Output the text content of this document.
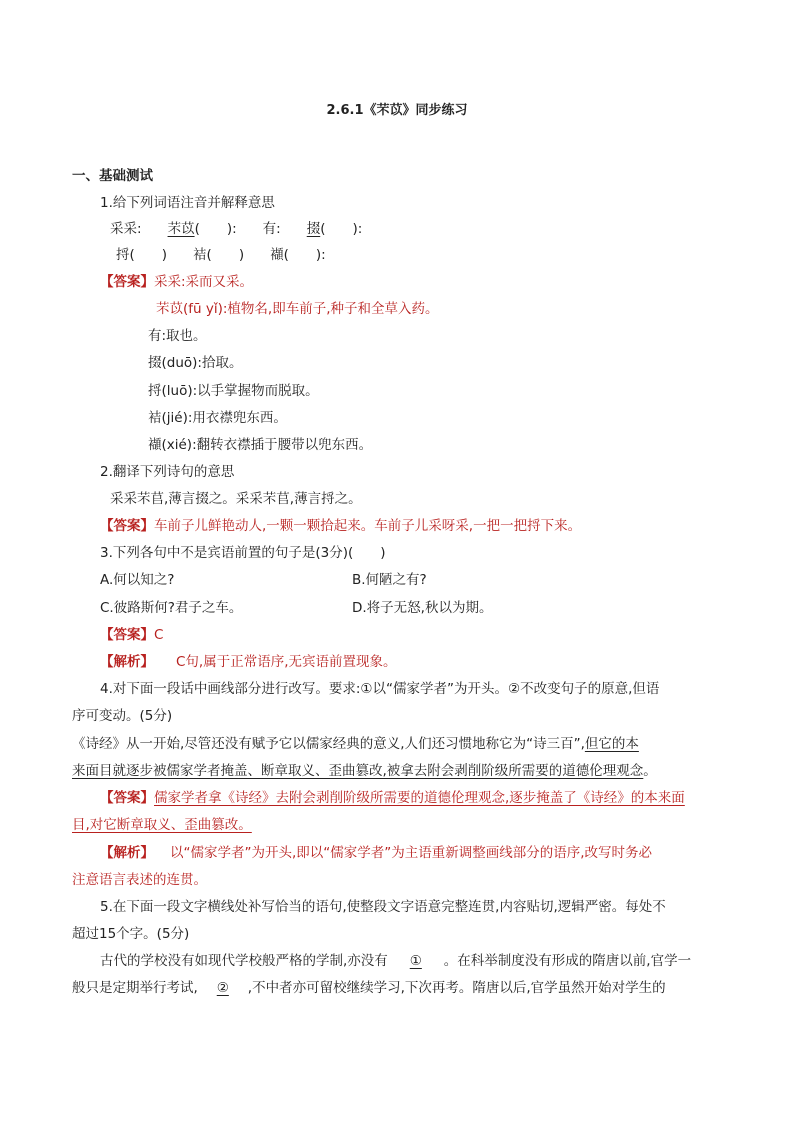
2.6.1《芣苡》同步练习
一、基础测试
1.给下列词语注音并解释意思
采采: 芣苡(　　): 有: 掇(　　):
捋(　　) 袺(　　) 襭(　　):
【答案】采采:采而又采。
芣苡(fū yǐ):植物名,即车前子,种子和全草入药。
有:取也。
掇(duō):拾取。
捋(luō):以手掌握物而脱取。
袺(jié):用衣襟兜东西。
襭(xié):翻转衣襟插于腰带以兜东西。
2.翻译下列诗句的意思
采采芣苢,薄言掇之。采采芣苢,薄言捋之。
【答案】车前子儿鲜艳动人,一颗一颗拾起来。车前子儿采呀采,一把一把捋下来。
3.下列各句中不是宾语前置的句子是(3分)(　　)
A.何以知之?	B.何陋之有?
C.彼路斯何?君子之车。	D.将子无怒,秋以为期。
【答案】C
【解析】 C句,属于正常语序,无宾语前置现象。
4.对下面一段话中画线部分进行改写。要求:①以“儒家学者”为开头。②不改变句子的原意,但语
序可变动。(5分)
《诗经》从一开始,尽管还没有赋予它以儒家经典的意义,人们还习惯地称它为“诗三百”,但它的本
来面目就逐步被儒家学者掩盖、断章取义、歪曲篡改,被拿去附会剥削阶级所需要的道德伦理观念。
【答案】儒家学者拿《诗经》去附会剥削阶级所需要的道德伦理观念,逐步掩盖了《诗经》的本来面
目,对它断章取义、歪曲篡改。
【解析】 以“儒家学者”为开头,即以“儒家学者”为主语重新调整画线部分的语序,改写时务必
注意语言表述的连贯。
5.在下面一段文字横线处补写恰当的语句,使整段文字语意完整连贯,内容贴切,逻辑严密。每处不
超过15个字。(5分)
古代的学校没有如现代学校般严格的学制,亦没有 ① 。在科举制度没有形成的隋唐以前,官学一
般只是定期举行考试, ② ,不中者亦可留校继续学习,下次再考。隋唐以后,官学虽然开始对学生的
